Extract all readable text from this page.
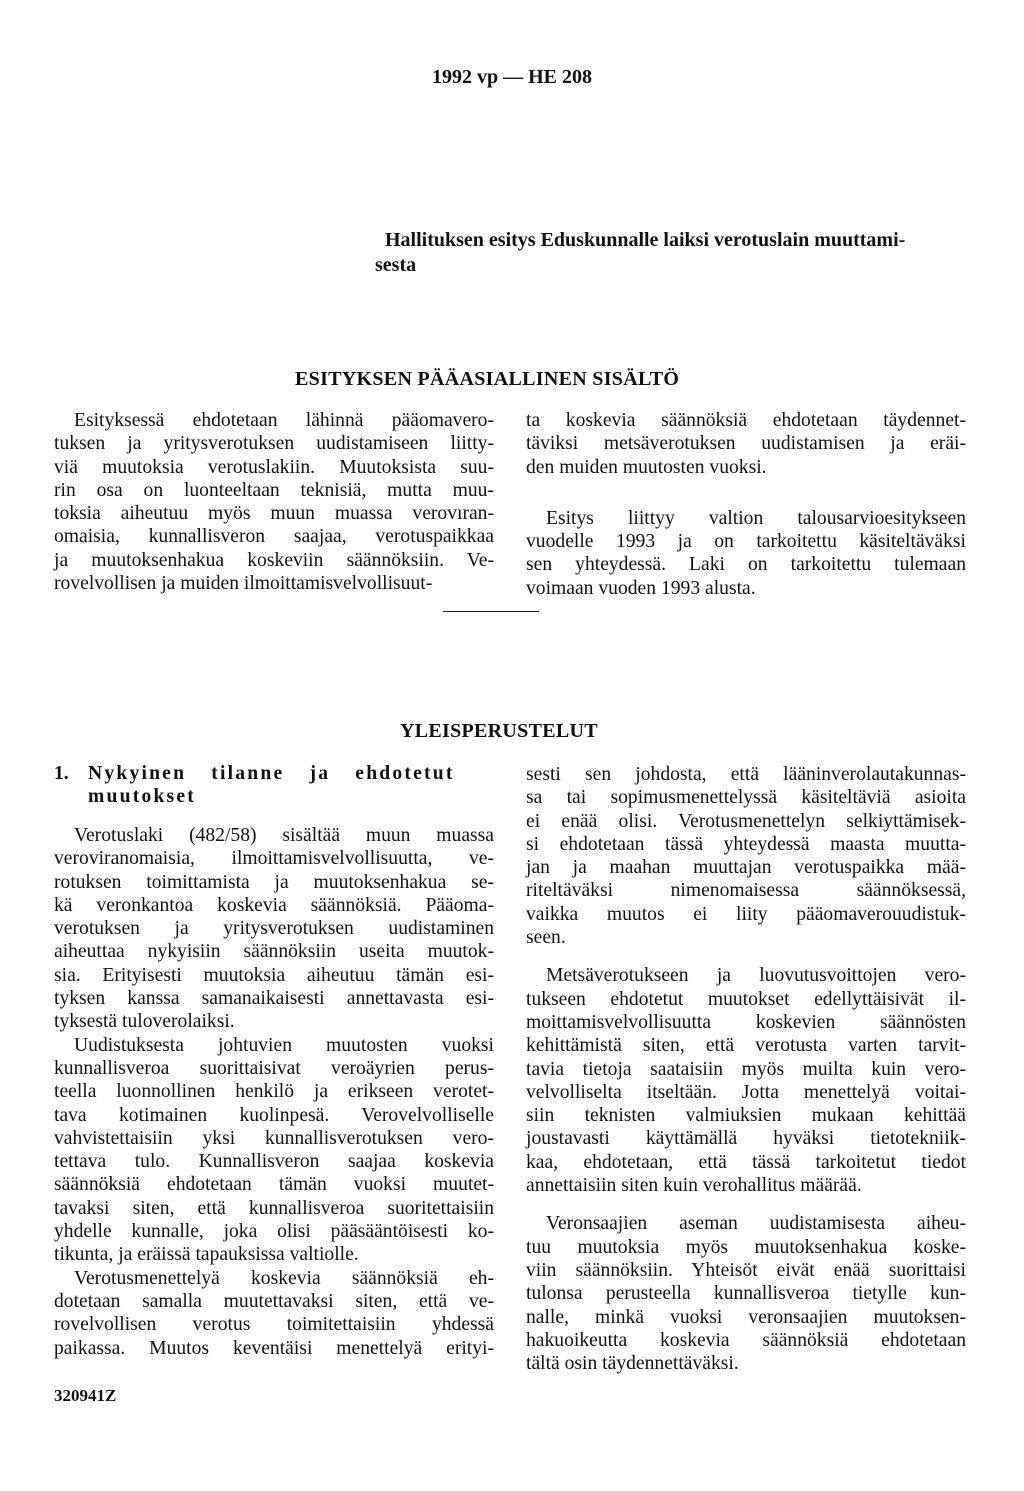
1992 vp — HE 208
Hallituksen esitys Eduskunnalle laiksi verotuslain muuttami-
sesta
ESITYKSEN PÄÄASIALLINEN SISÄLTÖ
Esityksessä ehdotetaan lähinnä pääomavero-
tuksen ja yritysverotuksen uudistamiseen liitty-
viä muutoksia verotuslakiin. Muutoksista suu-
rin osa on luonteeltaan teknisiä, mutta muu-
toksia aiheutuu myös muun muassa verovıran-
omaisia, kunnallisveron saajaa, verotuspaikkaa
ja muutoksenhakua koskeviin säännöksiin. Ve-
rovelvollisen ja muiden ilmoittamisvelvollisuut-
ta koskevia säännöksiä ehdotetaan täydennet-
täviksi metsäverotuksen uudistamisen ja eräi-
den muiden muutosten vuoksi.
Esitys liittyy valtion talousarvioesitykseen
vuodelle 1993 ja on tarkoitettu käsiteltäväksi
sen yhteydessä. Laki on tarkoitettu tulemaan
voimaan vuoden 1993 alusta.
YLEISPERUSTELUT
1. Nykyinen tilanne ja ehdotetut
muutokset
Verotuslaki (482/58) sisältää muun muassa
veroviranomaisia, ilmoittamisvelvollisuutta, ve-
rotuksen toimittamista ja muutoksenhakua se-
kä veronkantoa koskevia säännöksiä. Pääoma-
verotuksen ja yritysverotuksen uudistaminen
aiheuttaa nykyisiin säännöksiin useita muutok-
sia. Erityisesti muutoksia aiheutuu tämän esi-
tyksen kanssa samanaikaisesti annettavasta esi-
tyksestä tuloverolaiksi.
Uudistuksesta johtuvien muutosten vuoksi
kunnallisveroa suorittaisivat veroäyrien perus-
teella luonnollinen henkilö ja erikseen verotet-
tava kotimainen kuolinpesä. Verovelvolliselle
vahvistettaisiin yksi kunnallisverotuksen vero-
tettava tulo. Kunnallisveron saajaa koskevia
säännöksiä ehdotetaan tämän vuoksi muutet-
tavaksi siten, että kunnallisveroa suoritettaisiin
yhdelle kunnalle, joka olisi pääsääntöisesti ko-
tikunta, ja eräissä tapauksissa valtiolle.
Verotusmenettelyä koskevia säännöksiä eh-
dotetaan samalla muutettavaksi siten, että ve-
rovelvollisen verotus toimitettaisiin yhdessä
paikassa. Muutos keventäisi menettelyä erityi-
sesti sen johdosta, että lääninverolautakunnas-
sa tai sopimusmenettelyssä käsiteltäviä asioita
ei enää olisi. Verotusmenettelyn selkiyttämisek-
si ehdotetaan tässä yhteydessä maasta muutta-
jan ja maahan muuttajan verotuspaikka mää-
riteltäväksi nimenomaisessa säännöksessä,
vaikka muutos ei liity pääomaverouudistuk-
seen.
Metsäverotukseen ja luovutusvoittojen vero-
tukseen ehdotetut muutokset edellyttäisivät il-
moittamisvelvollisuutta koskevien säännösten
kehittämistä siten, että verotusta varten tarvit-
tavia tietoja saataisiin myös muilta kuin vero-
velvolliselta itseltään. Jotta menettelyä voitai-
siin teknisten valmiuksien mukaan kehittää
joustavasti käyttämällä hyväksi tietotekniik-
kaa, ehdotetaan, että tässä tarkoitetut tiedot
annettaisiin siten kuin verohallitus määrää.
Veronsaajien aseman uudistamisesta aiheu-
tuu muutoksia myös muutoksenhakua koske-
viin säännöksiin. Yhteisöt eivät enää suorittaisi
tulonsa perusteella kunnallisveroa tietylle kun-
nalle, minkä vuoksi veronsaajien muutoksen-
hakuoikeutta koskevia säännöksiä ehdotetaan
tältä osin täydennettäväksi.
320941Z
